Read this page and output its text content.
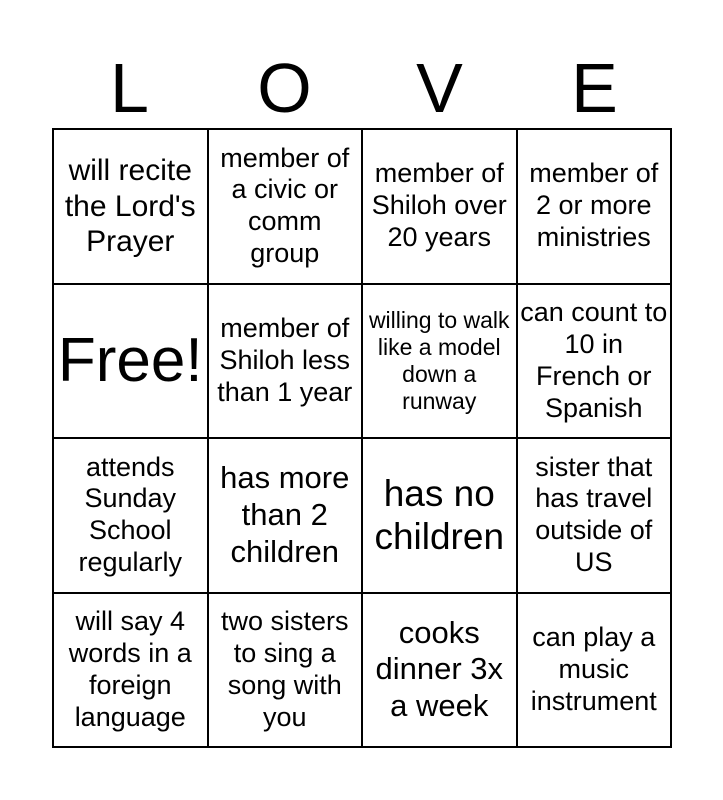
L	O	V	E
will recite the Lord's Prayer
member of a civic or comm group
member of Shiloh over 20 years
member of 2 or more ministries
Free! member of Shiloh less than 1 year
willing to walk like a model down a runway
can count to 10 in French or Spanish
attends Sunday School regularly
has more than 2 children
has no children
sister that has travel outside of US
will say 4 words in a foreign language
two sisters to sing a song with you
cooks dinner 3x a week
can play a music instrument
